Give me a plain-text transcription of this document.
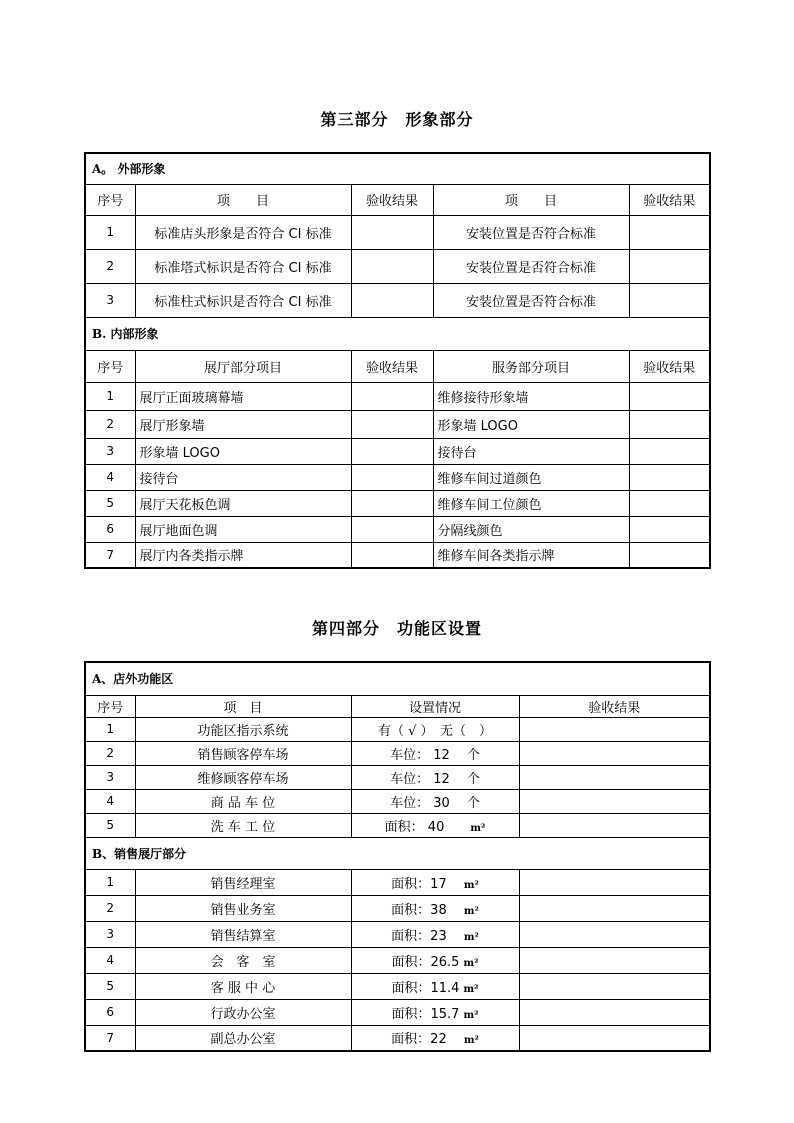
第三部分　形象部分
A。 外部形象				
序号	项　　目	验收结果	项　　目	验收结果
1	标准店头形象是否符合 CI 标准		安装位置是否符合标准	
2	标准塔式标识是否符合 CI 标准		安装位置是否符合标准	
3	标准柱式标识是否符合 CI 标准		安装位置是否符合标准	
B. 内部形象				
序号	展厅部分项目	验收结果	服务部分项目	验收结果
1	展厅正面玻璃幕墙		维修接待形象墙	
2	展厅形象墙		形象墙 LOGO	
3	形象墙 LOGO		接待台	
4	接待台		维修车间过道颜色	
5	展厅天花板色调		维修车间工位颜色	
6	展厅地面色调		分隔线颜色	
7	展厅内各类指示牌		维修车间各类指示牌	
第四部分　功能区设置
A、店外功能区			
序号	项　目	设置情况	验收结果
1	功能区指示系统	有（ √ ）　无（　）	
2	销售顾客停车场	车位： 12　 个	
3	维修顾客停车场	车位： 12　 个	
4	商 品 车 位	车位： 30　 个	
5	洗 车 工 位	面积： 40　　m²	
B、销售展厅部分			
1	销售经理室	面积：17　 m²	
2	销售业务室	面积：38　 m²	
3	销售结算室	面积：23　 m²	
4	会　客　室	面积：26.5 m²	
5	客 服 中 心	面积：11.4 m²	
6	行政办公室	面积：15.7 m²	
7	副总办公室	面积：22　 m²	
